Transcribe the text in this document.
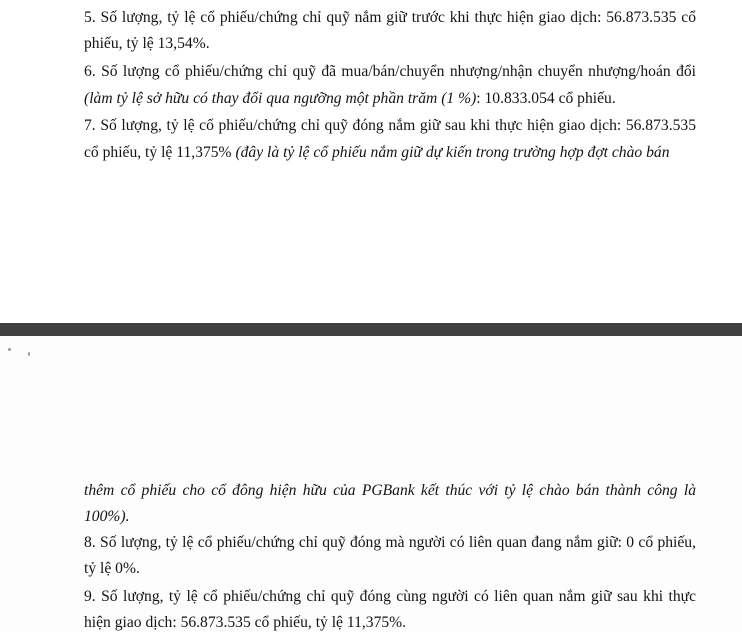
5. Số lượng, tỷ lệ cổ phiếu/chứng chỉ quỹ nắm giữ trước khi thực hiện giao dịch: 56.873.535 cổ
phiếu, tỷ lệ 13,54%.
6. Số lượng cổ phiếu/chứng chỉ quỹ đã mua/bán/chuyển nhượng/nhận chuyển nhượng/hoán đổi
(làm tỷ lệ sở hữu có thay đổi qua ngưỡng một phần trăm (1 %): 10.833.054 cổ phiếu.
7. Số lượng, tỷ lệ cổ phiếu/chứng chỉ quỹ đóng nắm giữ sau khi thực hiện giao dịch: 56.873.535
cổ phiếu, tỷ lệ 11,375% (đây là tỷ lệ cổ phiếu nắm giữ dự kiến trong trường hợp đợt chào bán
thêm cổ phiếu cho cổ đông hiện hữu của PGBank kết thúc với tỷ lệ chào bán thành công là
100%).
8. Số lượng, tỷ lệ cổ phiếu/chứng chỉ quỹ đóng mà người có liên quan đang nắm giữ: 0 cổ phiếu,
tỷ lệ 0%.
9. Số lượng, tỷ lệ cổ phiếu/chứng chỉ quỹ đóng cùng người có liên quan nắm giữ sau khi thực
hiện giao dịch: 56.873.535 cổ phiếu, tỷ lệ 11,375%.
